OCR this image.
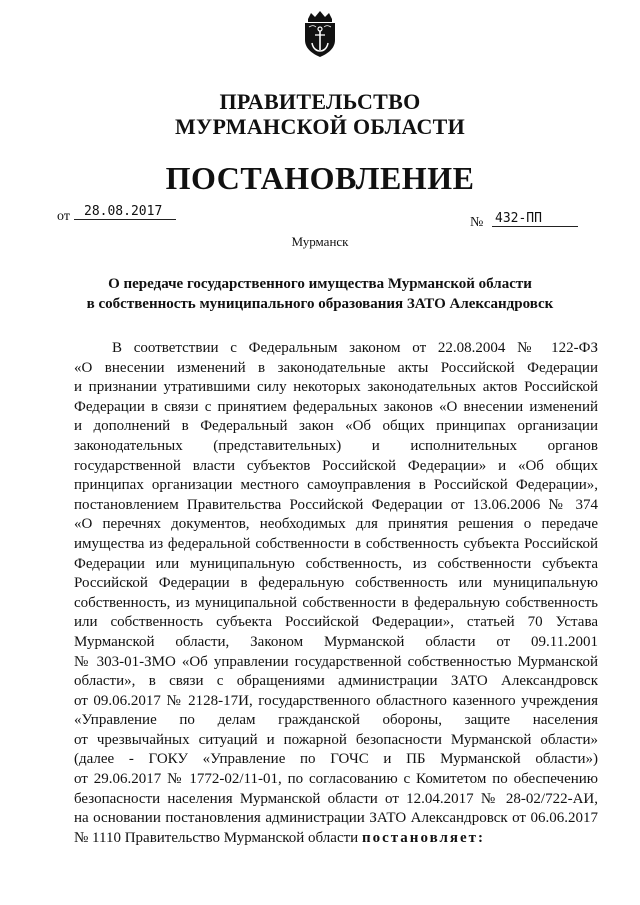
ПРАВИТЕЛЬСТВО
МУРМАНСКОЙ ОБЛАСТИ
ПОСТАНОВЛЕНИЕ
от	28.08.2017
№ 432-ПП
Мурманск
О передаче государственного имущества Мурманской области
в собственность муниципального образования ЗАТО Александровск
В соответствии с Федеральным законом от 22.08.2004 № 122-ФЗ
«О внесении изменений в законодательные акты Российской Федерации
и признании утратившими силу некоторых законодательных актов Российской
Федерации в связи с принятием федеральных законов «О внесении изменений
и дополнений в Федеральный закон «Об общих принципах организации
законодательных (представительных) и исполнительных органов
государственной власти субъектов Российской Федерации» и «Об общих
принципах организации местного самоуправления в Российской Федерации»,
постановлением Правительства Российской Федерации от 13.06.2006 № 374
«О перечнях документов, необходимых для принятия решения о передаче
имущества из федеральной собственности в собственность субъекта Российской
Федерации или муниципальную собственность, из собственности субъекта
Российской Федерации в федеральную собственность или муниципальную
собственность, из муниципальной собственности в федеральную собственность
или собственность субъекта Российской Федерации», статьей 70 Устава
Мурманской области, Законом Мурманской области от 09.11.2001
№ 303-01-ЗМО «Об управлении государственной собственностью Мурманской
области», в связи с обращениями администрации ЗАТО Александровск
от 09.06.2017 № 2128-17И, государственного областного казенного учреждения
«Управление по делам гражданской обороны, защите населения
от чрезвычайных ситуаций и пожарной безопасности Мурманской области»
(далее - ГОКУ «Управление по ГОЧС и ПБ Мурманской области»)
от 29.06.2017 № 1772-02/11-01, по согласованию с Комитетом по обеспечению
безопасности населения Мурманской области от 12.04.2017 № 28-02/722-АИ,
на основании постановления администрации ЗАТО Александровск от 06.06.2017
№ 1110 Правительство Мурманской области постановляет:
